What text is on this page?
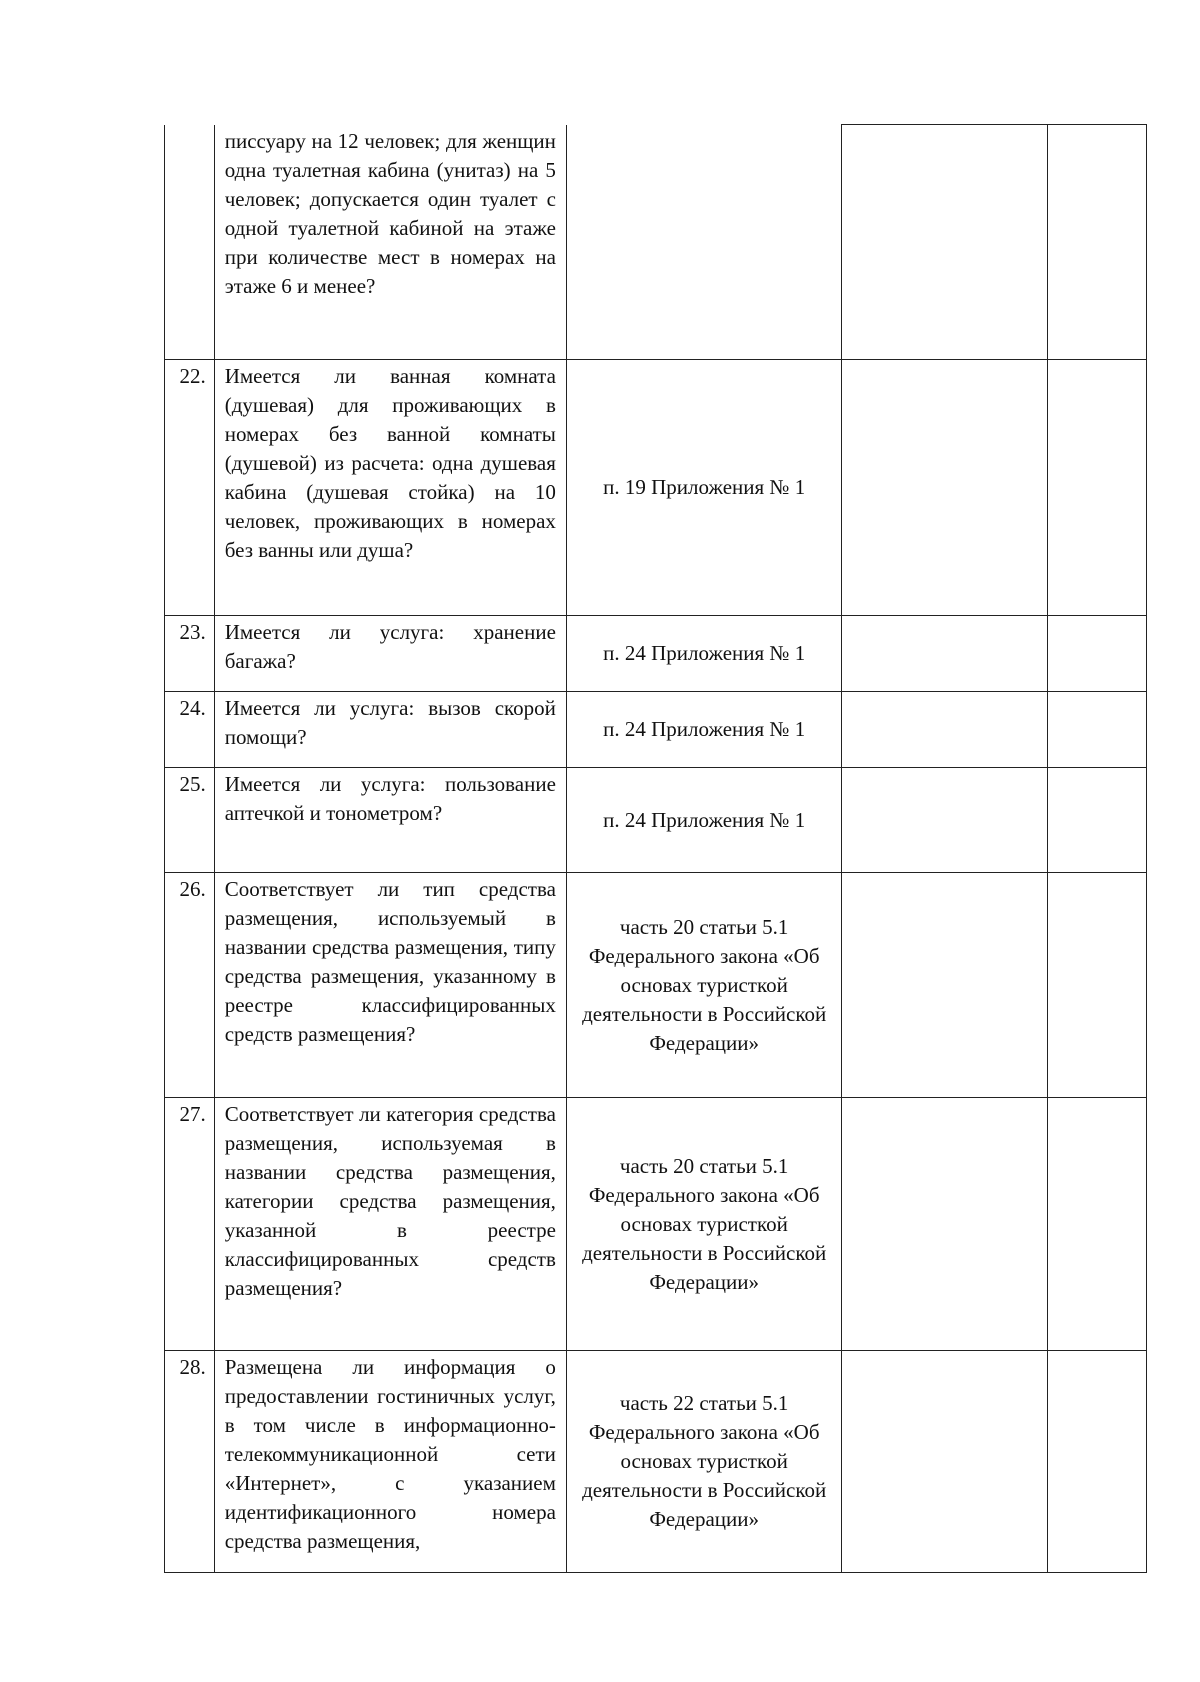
	писсуару на 12 человек; для женщин одна туалетная кабина (унитаз) на 5 человек; допускается один туалет с одной туалетной кабиной на этаже при количестве мест в номерах на этаже 6 и менее?			

22.	Имеется ли ванная комната (душевая) для проживающих в номерах без ванной комнаты (душевой) из расчета: одна душевая кабина (душевая стойка) на 10 человек, проживающих в номерах без ванны или душа?	п. 19 Приложения № 1		
23.	Имеется ли услуга: хранение багажа?	п. 24 Приложения № 1		
24.	Имеется ли услуга: вызов скорой помощи?	п. 24 Приложения № 1		
25.	Имеется ли услуга: пользование аптечкой и тонометром?	п. 24 Приложения № 1		
26.	Соответствует ли тип средства размещения, используемый в названии средства размещения, типу средства размещения, указанному в реестре классифицированных средств размещения?	часть 20 статьи 5.1 Федерального закона «Об основах туристкой деятельности в Российской Федерации»		
27.	Соответствует ли категория средства размещения, используемая в названии средства размещения, категории средства размещения, указанной в реестре классифицированных средств размещения?	часть 20 статьи 5.1 Федерального закона «Об основах туристкой деятельности в Российской Федерации»		
28.	Размещена ли информация о предоставлении гостиничных услуг, в том числе в информационно-телекоммуникационной сети «Интернет», с указанием идентификационного номера средства размещения,	часть 22 статьи 5.1 Федерального закона «Об основах туристкой деятельности в Российской Федерации»		
